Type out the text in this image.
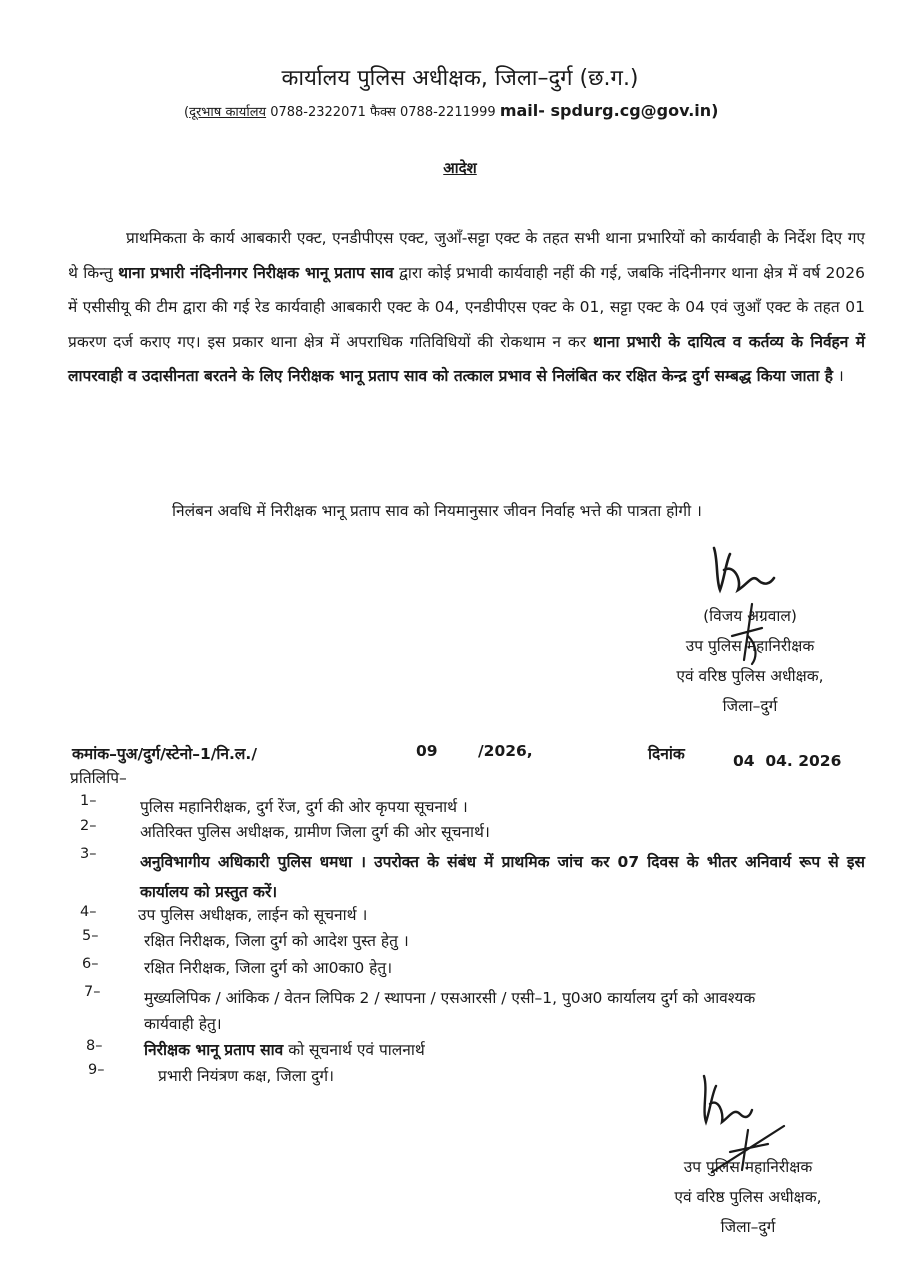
कार्यालय पुलिस अधीक्षक, जिला–दुर्ग (छ.ग.)
(दूरभाष कार्यालय 0788-2322071 फैक्स 0788-2211999 mail- spdurg.cg@gov.in)
आदेश
प्राथमिकता के कार्य आबकारी एक्ट, एनडीपीएस एक्ट, जुआँ-सट्टा एक्ट के तहत सभी थाना प्रभारियों को कार्यवाही के निर्देश दिए गए थे किन्तु थाना प्रभारी नंदिनीनगर निरीक्षक भानू प्रताप साव द्वारा कोई प्रभावी कार्यवाही नहीं की गई, जबकि नंदिनीनगर थाना क्षेत्र में वर्ष 2026 में एसीसीयू की टीम द्वारा की गई रेड कार्यवाही आबकारी एक्ट के 04, एनडीपीएस एक्ट के 01, सट्टा एक्ट के 04 एवं जुआँ एक्ट के तहत 01 प्रकरण दर्ज कराए गए। इस प्रकार थाना क्षेत्र में अपराधिक गतिविधियों की रोकथाम न कर थाना प्रभारी के दायित्व व कर्तव्य के निर्वहन में लापरवाही व उदासीनता बरतने के लिए निरीक्षक भानू प्रताप साव को तत्काल प्रभाव से निलंबित कर रक्षित केन्द्र दुर्ग सम्बद्ध किया जाता है ।
निलंबन अवधि में निरीक्षक भानू प्रताप साव को नियमानुसार जीवन निर्वाह भत्ते की पात्रता होगी ।
(विजय अग्रवाल)
उप पुलिस महानिरीक्षक
एवं वरिष्ठ पुलिस अधीक्षक,
जिला–दुर्ग
कमांक–पुअ/दुर्ग/स्टेनो–1/नि.ल./	09	/2026,	दिनांक	04  04. 2026
प्रतिलिपि–
1–	पुलिस महानिरीक्षक, दुर्ग रेंज, दुर्ग की ओर कृपया सूचनार्थ ।
2–	अतिरिक्त पुलिस अधीक्षक, ग्रामीण जिला दुर्ग की ओर सूचनार्थ।
3–	अनुविभागीय अधिकारी पुलिस धमधा । उपरोक्त के संबंध में प्राथमिक जांच कर 07 दिवस के भीतर अनिवार्य रूप से इस कार्यालय को प्रस्तुत करें।
4–	उप पुलिस अधीक्षक, लाईन को सूचनार्थ ।
5–	रक्षित निरीक्षक, जिला दुर्ग को आदेश पुस्त हेतु ।
6–	रक्षित निरीक्षक, जिला दुर्ग को आ0का0 हेतु।
7–	मुख्यलिपिक / आंकिक / वेतन लिपिक 2 / स्थापना / एसआरसी / एसी–1, पु0अ0 कार्यालय दुर्ग को आवश्यक कार्यवाही हेतु।
8–	निरीक्षक भानू प्रताप साव को सूचनार्थ एवं पालनार्थ
9–	प्रभारी नियंत्रण कक्ष, जिला दुर्ग।
उप पुलिस महानिरीक्षक
एवं वरिष्ठ पुलिस अधीक्षक,
जिला–दुर्ग
